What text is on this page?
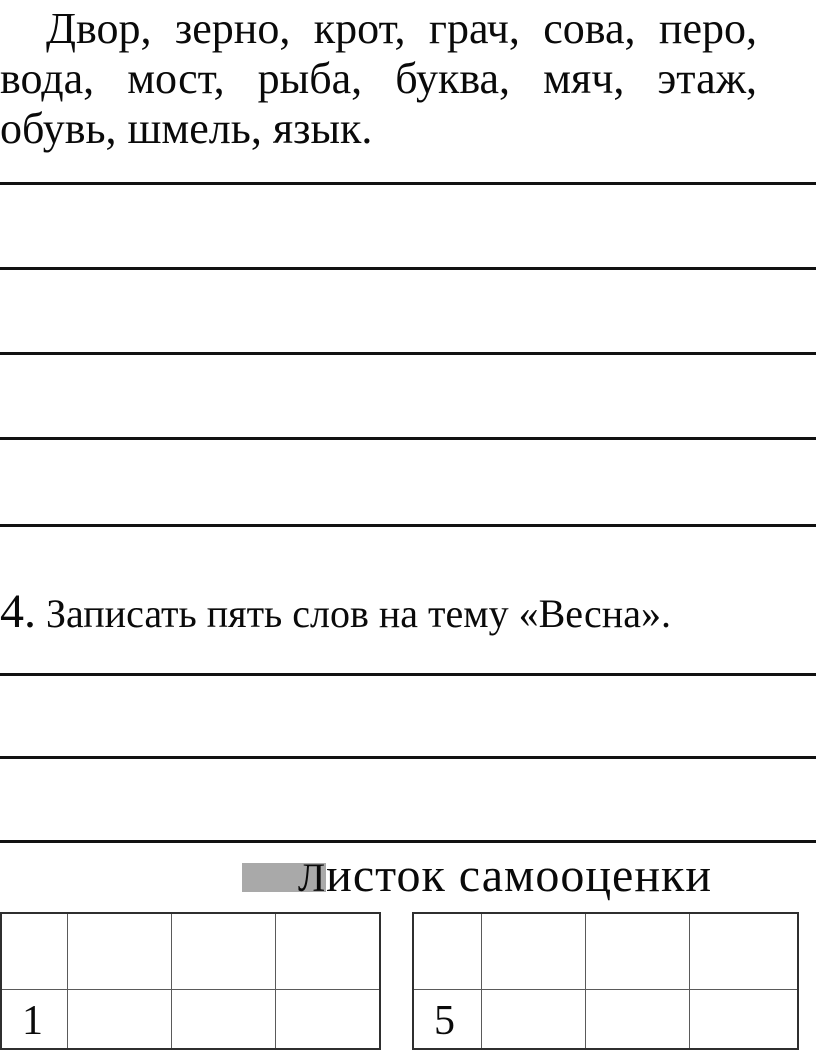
Двор, зерно, крот, грач, сова, перо,
вода, мост, рыба, буква, мяч, этаж,
обувь, шмель, язык.

4. Записать пять слов на тему «Весна».
Листок самооценки
1	5
